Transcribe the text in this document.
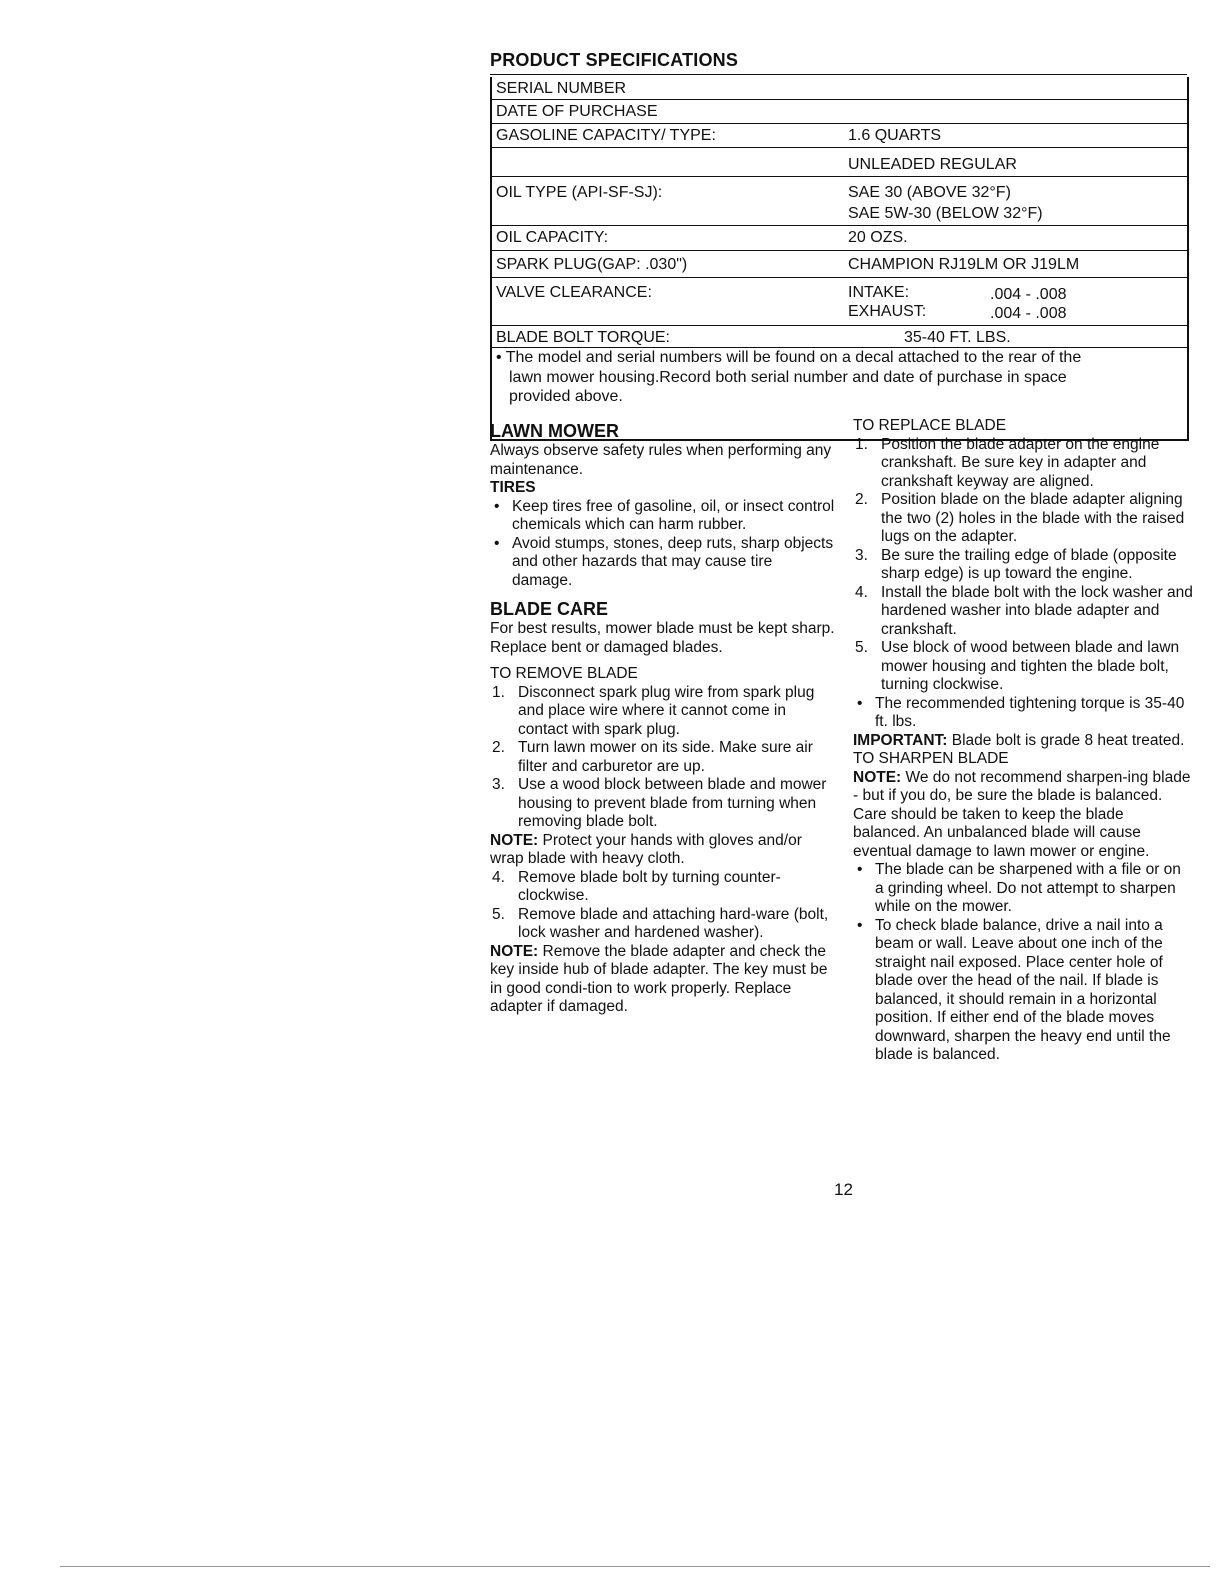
PRODUCT SPECIFICATIONS
SERIAL NUMBER
DATE OF PURCHASE
GASOLINE CAPACITY/ TYPE:	1.6 QUARTS
UNLEADED REGULAR
OIL TYPE (API-SF-SJ):	SAE 30 (ABOVE 32°F)
SAE 5W-30 (BELOW 32°F)
OIL CAPACITY:	20 OZS.
SPARK PLUG(GAP: .030")	CHAMPION RJ19LM OR J19LM
VALVE CLEARANCE:	INTAKE:	.004 - .008
EXHAUST:	.004 - .008
BLADE BOLT TORQUE:	35-40 FT. LBS.
• The model and serial numbers will be found on a decal attached to the rear of the
lawn mower housing.Record both serial number and date of purchase in space
provided above.

LAWN MOWER

Always observe safety rules when performing any maintenance.

TIRES

• Keep tires free of gasoline, oil, or insect control chemicals which can harm rubber.

• Avoid stumps, stones, deep ruts, sharp objects and other hazards that may cause tire damage.

BLADE CARE

For best results, mower blade must be kept sharp. Replace bent or damaged blades.

TO REMOVE BLADE

1. Disconnect spark plug wire from spark plug and place wire where it cannot come in contact with spark plug.

2. Turn lawn mower on its side. Make sure air filter and carburetor are up.

3. Use a wood block between blade and mower housing to prevent blade from turning when removing blade bolt.

NOTE: Protect your hands with gloves and/or wrap blade with heavy cloth.

4. Remove blade bolt by turning counter-clockwise.

5. Remove blade and attaching hard-ware (bolt, lock washer and hardened washer).

NOTE: Remove the blade adapter and check the key inside hub of blade adapter. The key must be in good condi-tion to work properly. Replace adapter if damaged.

TO REPLACE BLADE

1. Position the blade adapter on the engine crankshaft. Be sure key in adapter and crankshaft keyway are aligned.

2. Position blade on the blade adapter aligning the two (2) holes in the blade with the raised lugs on the adapter.

3. Be sure the trailing edge of blade (opposite sharp edge) is up toward the engine.

4. Install the blade bolt with the lock washer and hardened washer into blade adapter and crankshaft.

5. Use block of wood between blade and lawn mower housing and tighten the blade bolt, turning clockwise.

• The recommended tightening torque is 35-40 ft. lbs.

IMPORTANT: Blade bolt is grade 8 heat treated.

TO SHARPEN BLADE

NOTE: We do not recommend sharpen-ing blade - but if you do, be sure the blade is balanced.

Care should be taken to keep the blade balanced. An unbalanced blade will cause eventual damage to lawn mower or engine.

• The blade can be sharpened with a file or on a grinding wheel. Do not attempt to sharpen while on the mower.

• To check blade balance, drive a nail into a beam or wall. Leave about one inch of the straight nail exposed. Place center hole of blade over the head of the nail. If blade is balanced, it should remain in a horizontal position. If either end of the blade moves downward, sharpen the heavy end until the blade is balanced.

12
